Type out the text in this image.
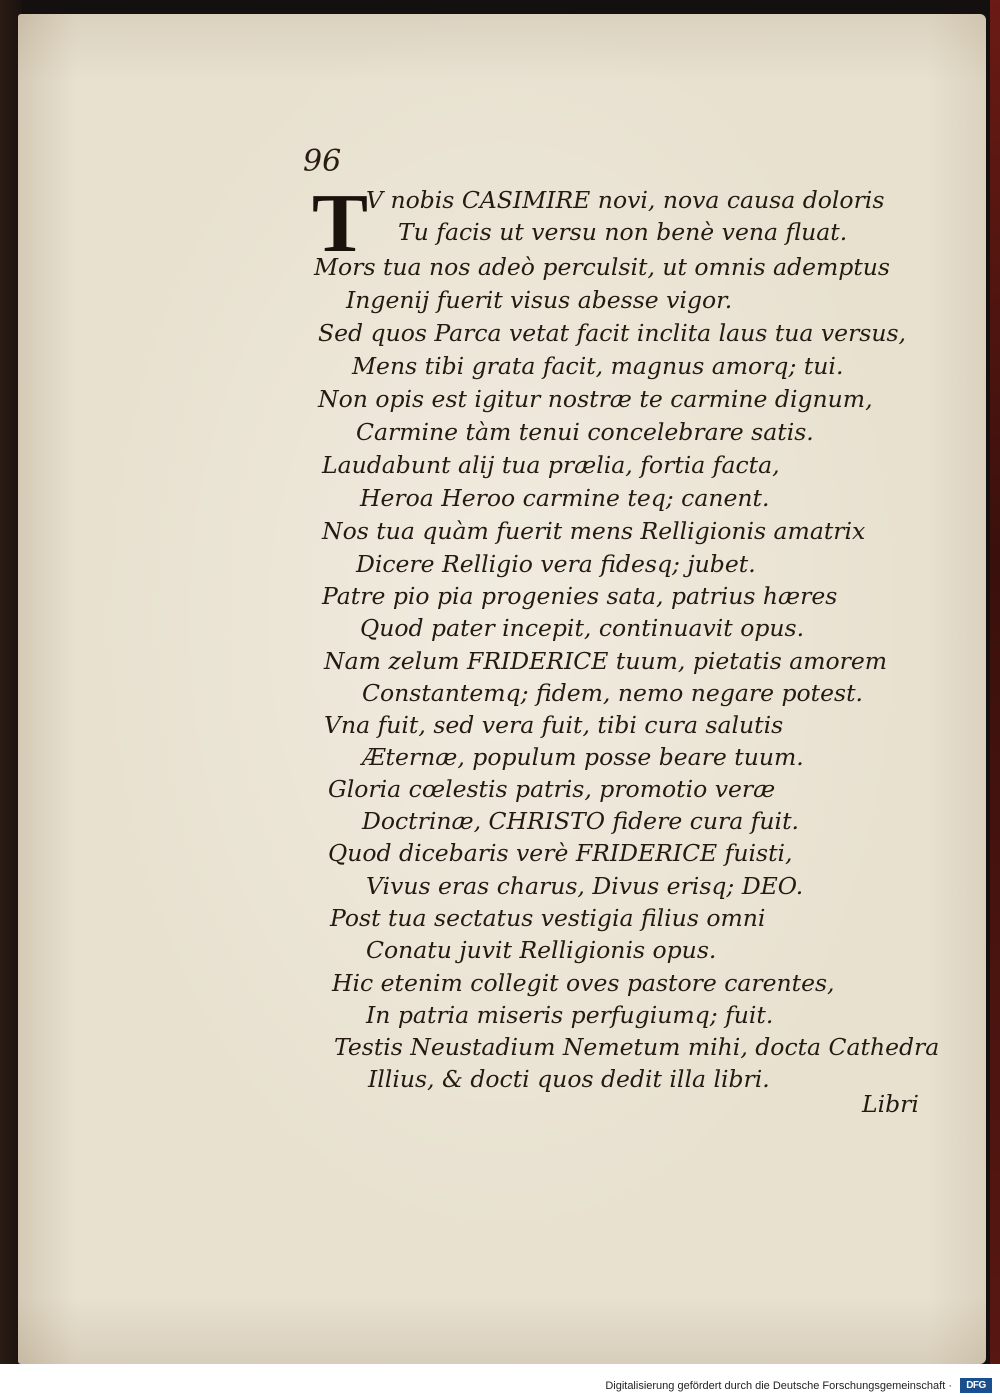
96
T
V nobis CASIMIRE novi, nova causa doloris
Tu facis ut versu non benè vena fluat.
Mors tua nos adeò perculsit, ut omnis ademptus
Ingenij fuerit visus abesse vigor.
Sed quos Parca vetat facit inclita laus tua versus,
Mens tibi grata facit, magnus amorq; tui.
Non opis est igitur nostræ te carmine dignum,
Carmine tàm tenui concelebrare satis.
Laudabunt alij tua prælia, fortia facta,
Heroa Heroo carmine teq; canent.
Nos tua quàm fuerit mens Relligionis amatrix
Dicere Relligio vera fidesq; jubet.
Patre pio pia progenies sata, patrius hæres
Quod pater incepit, continuavit opus.
Nam zelum FRIDERICE tuum, pietatis amorem
Constantemq; fidem, nemo negare potest.
Vna fuit, sed vera fuit, tibi cura salutis
Æternæ, populum posse beare tuum.
Gloria cœlestis patris, promotio veræ
Doctrinæ, CHRISTO fidere cura fuit.
Quod dicebaris verè FRIDERICE fuisti,
Vivus eras charus, Divus erisq; DEO.
Post tua sectatus vestigia filius omni
Conatu juvit Relligionis opus.
Hic etenim collegit oves pastore carentes,
In patria miseris perfugiumq; fuit.
Testis Neustadium Nemetum mihi, docta Cathedra
Illius, & docti quos dedit illa libri.
Libri
Digitalisierung gefördert durch die Deutsche Forschungsgemeinschaft ·	DFG
